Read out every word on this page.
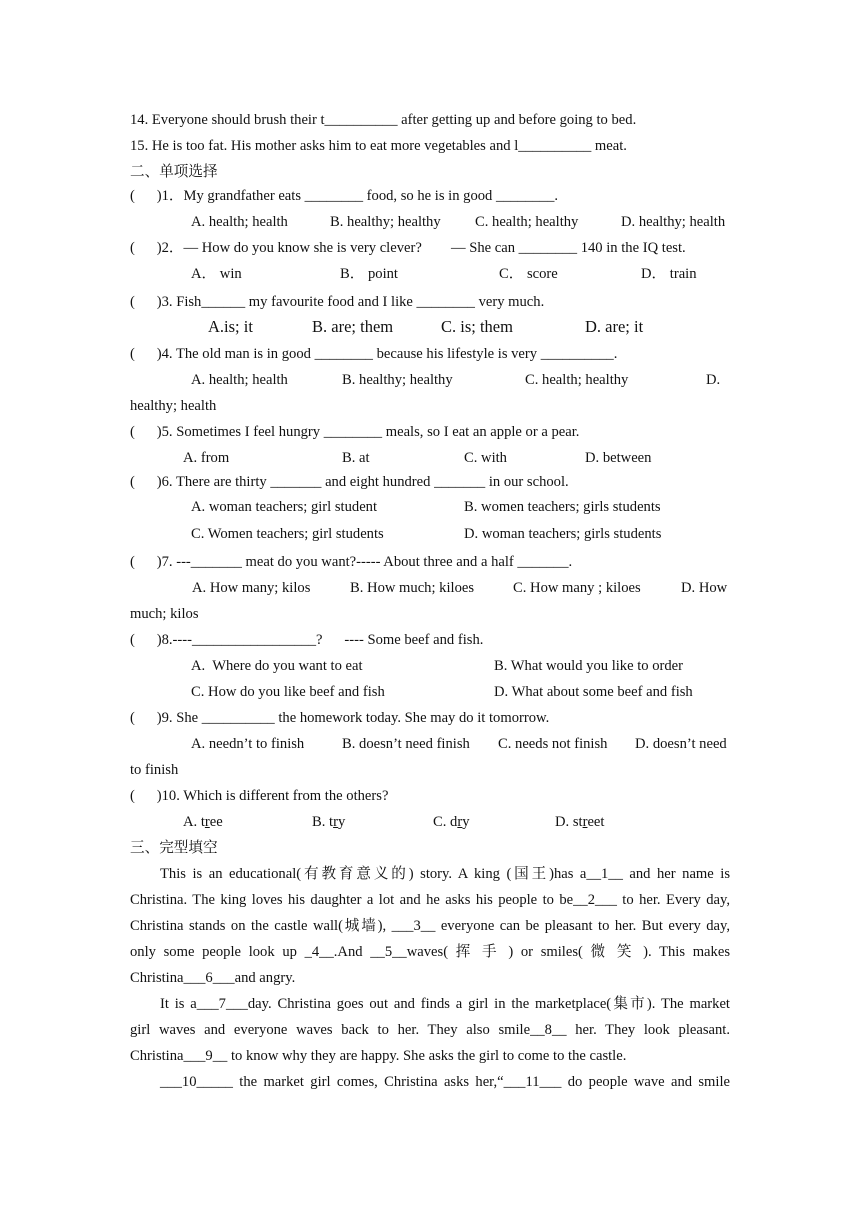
14. Everyone should brush their t__________ after getting up and before going to bed.
15. He is too fat. His mother asks him to eat more vegetables and l__________ meat.
二、单项选择
(      )1．My grandfather eats ________ food, so he is in good ________.
A. health; health	B. healthy; healthy C. health; healthy	D. healthy; health
(      )2．— How do you know she is very clever?        — She can ________ 140 in the IQ test.
A． win	B． point	C． score	D． train
(      )3. Fish______ my favourite food and I like ________ very much.
A.is; it	B. are; them	C. is; them	D. are; it
(      )4. The old man is in good ________ because his lifestyle is very __________.
A. health; health	B. healthy; healthy	C. health; healthy	D.
healthy; health
(      )5. Sometimes I feel hungry ________ meals, so I eat an apple or a pear.
A. from	B. at	C. with	D. between
(      )6. There are thirty _______ and eight hundred _______ in our school.
A. woman teachers; girl student	B. women teachers; girls students
C. Women teachers; girl students	D. woman teachers; girls students
(      )7. ---_______ meat do you want?----- About three and a half _______.
A. How many; kilos	B. How much; kiloes	C. How many ; kiloes	D. How
much; kilos
(      )8.----_________________?      ---- Some beef and fish.
A.  Where do you want to eat	B. What would you like to order
C. How do you like beef and fish	D. What about some beef and fish
(      )9. She __________ the homework today. She may do it tomorrow.
A. needn’t to finish	B. doesn’t need finish C. needs not finish D. doesn’t need
to finish
(      )10. Which is different from the others?
A. tree	B. try	C. dry	D. street
三、完型填空
This is an educational(有教育意义的) story. A king (国王)has a__1__ and her name is
Christina. The king loves his daughter a lot and he asks his people to be__2___ to her. Every day,
Christina stands on the castle wall(城墙), ___3__ everyone can be pleasant to her. But every day,
only some people look up _4__.And __5__waves( 挥 手 ) or smiles( 微 笑 ). This makes
Christina___6___and angry.
It is a___7___day. Christina goes out and finds a girl in the marketplace(集市). The market
girl waves and everyone waves back to her. They also smile__8__ her. They look pleasant.
Christina___9__ to know why they are happy. She asks the girl to come to the castle.
___10_____ the market girl comes, Christina asks her,“___11___ do people wave and smile
